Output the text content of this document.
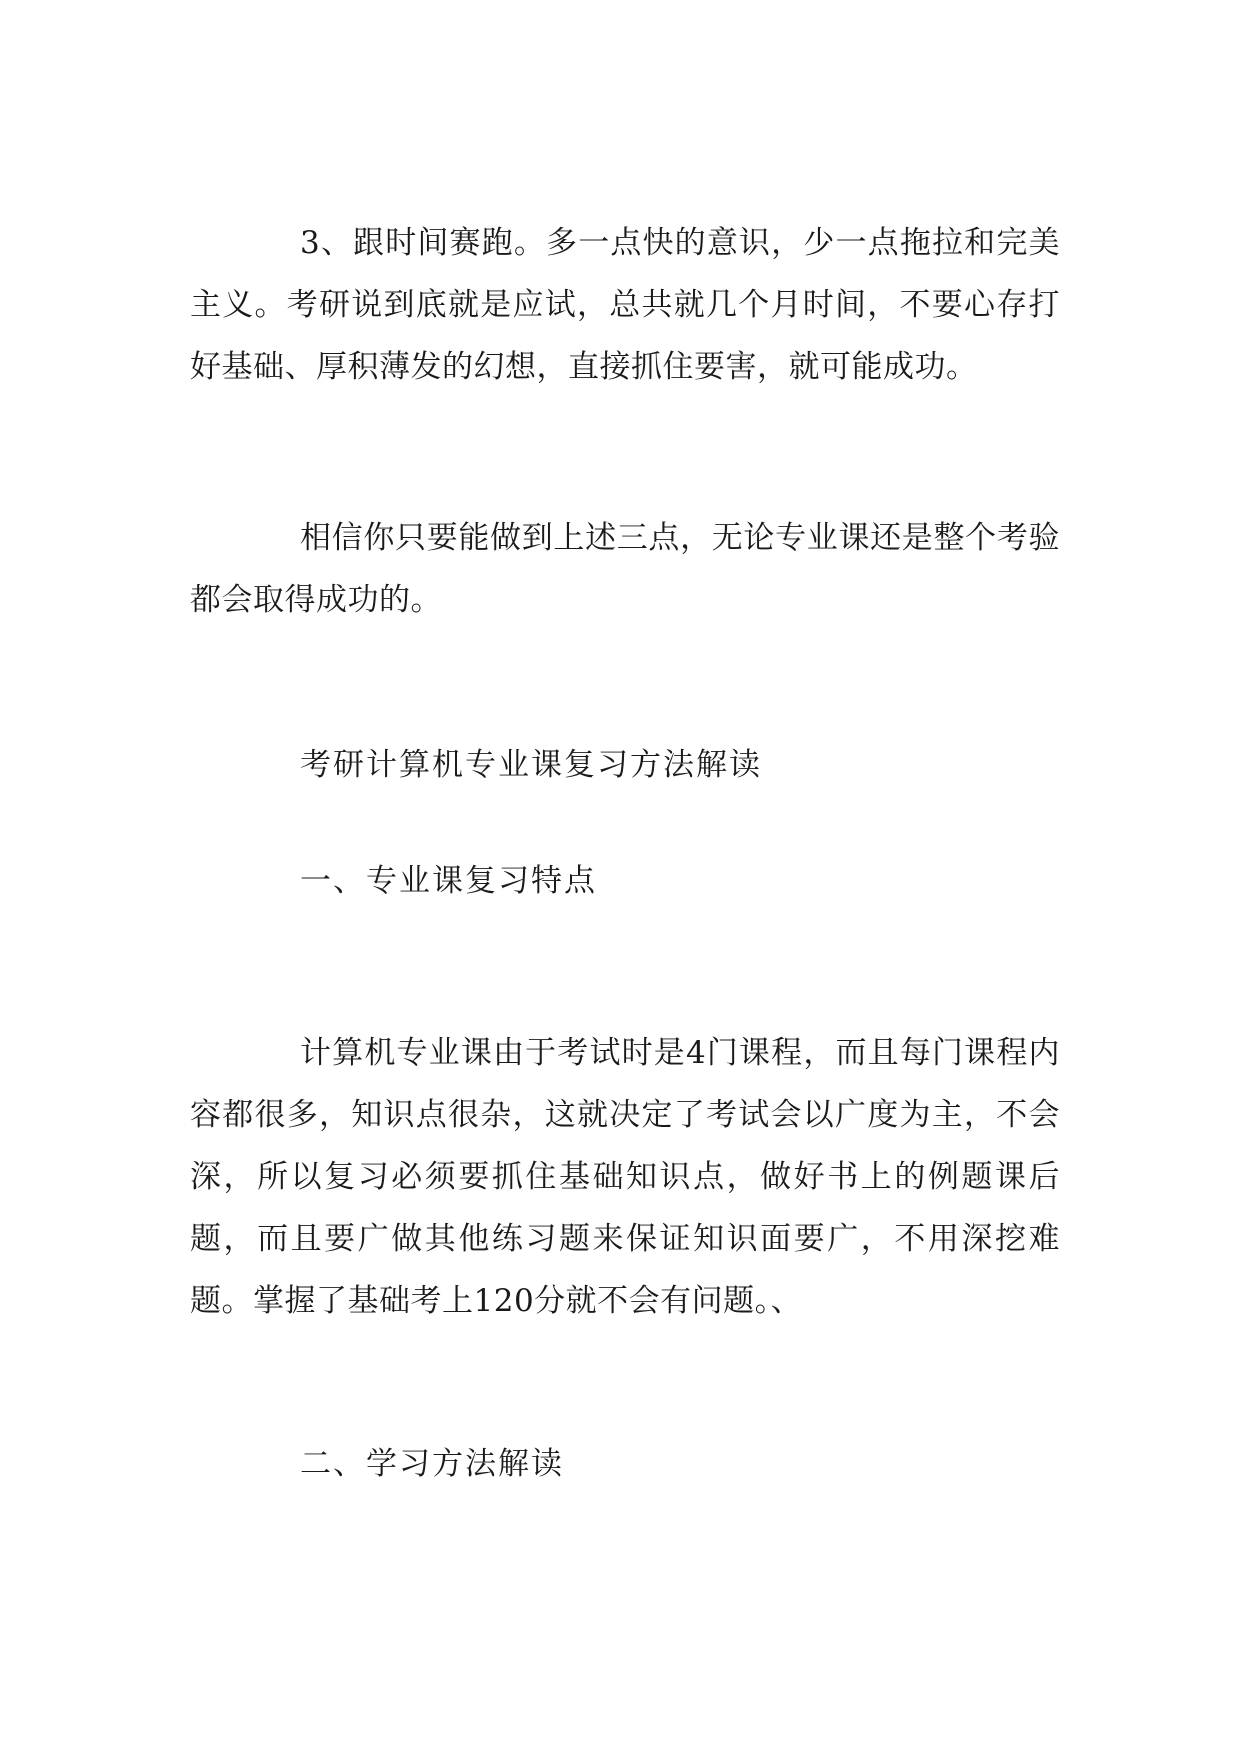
3、跟时间赛跑。多一点快的意识，少一点拖拉和完美主义。考研说到底就是应试，总共就几个月时间，不要心存打好基础、厚积薄发的幻想，直接抓住要害，就可能成功。

相信你只要能做到上述三点，无论专业课还是整个考验都会取得成功的。

考研计算机专业课复习方法解读
一、专业课复习特点

计算机专业课由于考试时是4门课程，而且每门课程内容都很多，知识点很杂，这就决定了考试会以广度为主，不会深，所以复习必须要抓住基础知识点，做好书上的例题课后题，而且要广做其他练习题来保证知识面要广，不用深挖难题。掌握了基础考上120分就不会有问题。、

二、学习方法解读
